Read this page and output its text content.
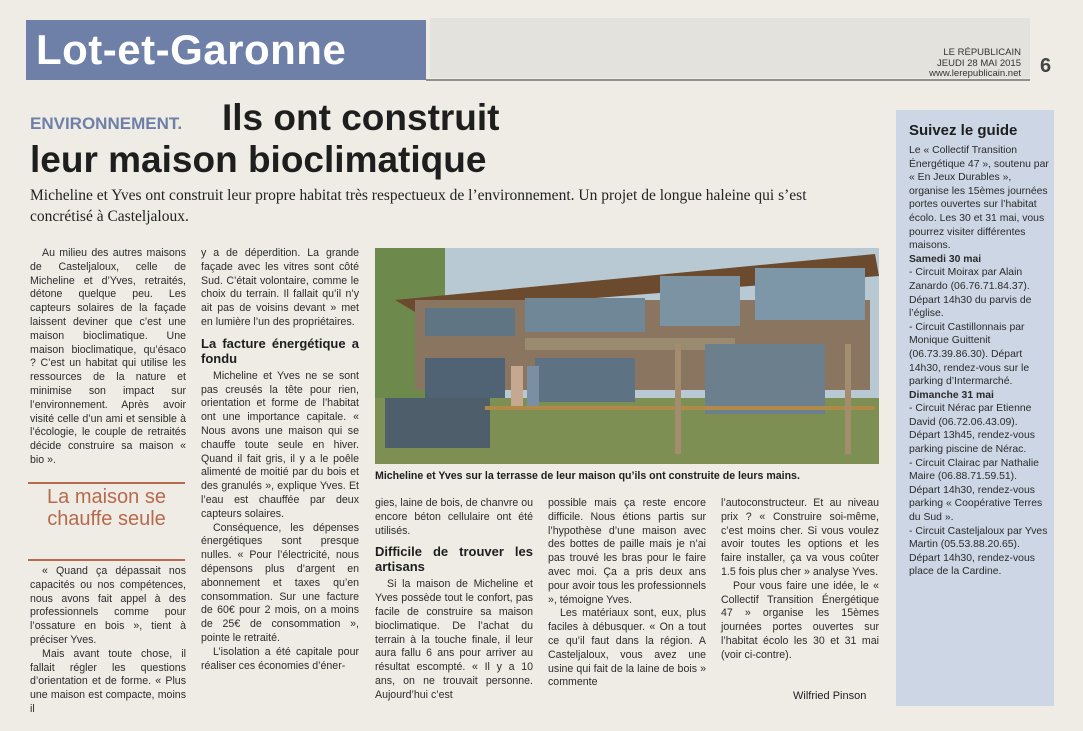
Lot-et-Garonne	LE RÉPUBLICAIN
JEUDI 28 MAI 2015
www.lerepublicain.net 6
Ils ont construit
leur maison bioclimatique
ENVIRONNEMENT.
Micheline et Yves ont construit leur propre habitat très respectueux de l’environnement. Un projet de longue haleine qui s’est concrétisé à Casteljaloux.

Au milieu des autres maisons de Casteljaloux, celle de Micheline et d’Yves, retraités, détone quelque peu. Les capteurs solaires de la façade laissent deviner que c’est une maison bioclimatique. Une maison bioclimatique, qu’ésaco ? C’est un habitat qui utilise les ressources de la nature et minimise son impact sur l’environnement. Après avoir visité celle d’un ami et sensible à l’écologie, le couple de retraités décide construire sa maison « bio ».

La maison se chauffe seule

« Quand ça dépassait nos capacités ou nos compétences, nous avons fait appel à des professionnels comme pour l’ossature en bois », tient à préciser Yves.

Mais avant toute chose, il fallait régler les questions d’orientation et de forme. « Plus une maison est compacte, moins il

y a de déperdition. La grande façade avec les vitres sont côté Sud. C’était volontaire, comme le choix du terrain. Il fallait qu’il n’y ait pas de voisins devant » met en lumière l’un des propriétaires.

La facture énergétique a fondu

Micheline et Yves ne se sont pas creusés la tête pour rien, orientation et forme de l’habitat ont une importance capitale. « Nous avons une maison qui se chauffe toute seule en hiver. Quand il fait gris, il y a le poêle alimenté de moitié par du bois et des granulés », explique Yves. Et l’eau est chauffée par deux capteurs solaires.

Conséquence, les dépenses énergétiques sont presque nulles. « Pour l’électricité, nous dépensons plus d’argent en abonnement et taxes qu’en consommation. Sur une facture de 60€ pour 2 mois, on a moins de 25€ de consommation », pointe le retraité.

L’isolation a été capitale pour réaliser ces économies d’éner-

Micheline et Yves sur la terrasse de leur maison qu’ils ont construite de leurs mains.

gies, laine de bois, de chanvre ou encore béton cellulaire ont été utilisés.

Difficile de trouver les artisans

Si la maison de Micheline et Yves possède tout le confort, pas facile de construire sa maison bioclimatique. De l’achat du terrain à la touche finale, il leur aura fallu 6 ans pour arriver au résultat escompté. « Il y a 10 ans, on ne trouvait personne. Aujourd’hui c’est

possible mais ça reste encore difficile. Nous étions partis sur l’hypothèse d’une maison avec des bottes de paille mais je n’ai pas trouvé les bras pour le faire avec moi. Ça a pris deux ans pour avoir tous les professionnels », témoigne Yves.

Les matériaux sont, eux, plus faciles à débusquer. « On a tout ce qu’il faut dans la région. A Casteljaloux, vous avez une usine qui fait de la laine de bois » commente

l’autoconstructeur. Et au niveau prix ? « Construire soi-même, c’est moins cher. Si vous voulez avoir toutes les options et les faire installer, ça va vous coûter 1.5 fois plus cher » analyse Yves.

Pour vous faire une idée, le « Collectif Transition Énergétique 47 » organise les 15èmes journées portes ouvertes sur l’habitat écolo les 30 et 31 mai (voir ci-contre).

Wilfried Pinson
Suivez le guide
Le « Collectif Transition Énergétique 47 », soutenu par « En Jeux Durables », organise les 15èmes journées portes ouvertes sur l’habitat écolo. Les 30 et 31 mai, vous pourrez visiter différentes maisons.
Samedi 30 mai
- Circuit Moirax par Alain Zanardo (06.76.71.84.37). Départ 14h30 du parvis de l’église.
- Circuit Castillonnais par Monique Guittenit (06.73.39.86.30). Départ 14h30, rendez-vous sur le parking d’Intermarché.
Dimanche 31 mai
- Circuit Nérac par Etienne David (06.72.06.43.09). Départ 13h45, rendez-vous parking piscine de Nérac.
- Circuit Clairac par Nathalie Maire (06.88.71.59.51). Départ 14h30, rendez-vous parking « Coopérative Terres du Sud ».
- Circuit Casteljaloux par Yves Martin (05.53.88.20.65). Départ 14h30, rendez-vous place de la Cardine.
